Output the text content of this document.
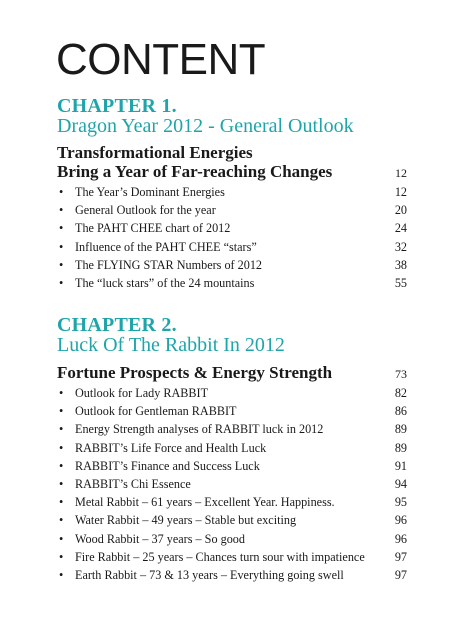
CONTENT
CHAPTER 1.
Dragon Year 2012 - General Outlook
Transformational Energies
Bring a Year of Far-reaching Changes	12
• The Year’s Dominant Energies	12
• General Outlook for the year	20
• The PAHT CHEE chart of 2012	24
• Influence of the PAHT CHEE “stars”	32
• The FLYING STAR Numbers of 2012	38
• The “luck stars” of the 24 mountains	55
CHAPTER 2.
Luck Of The Rabbit In 2012
Fortune Prospects & Energy Strength	73
• Outlook for Lady RABBIT	82
• Outlook for Gentleman RABBIT	86
• Energy Strength analyses of RABBIT luck in 2012	89
• RABBIT’s Life Force and Health Luck	89
• RABBIT’s Finance and Success Luck	91
• RABBIT’s Chi Essence	94
• Metal Rabbit – 61 years – Excellent Year. Happiness.	95
• Water Rabbit – 49 years – Stable but exciting	96
• Wood Rabbit – 37 years – So good	96
• Fire Rabbit – 25 years – Chances turn sour with impatience	97
• Earth Rabbit – 73 & 13 years – Everything going swell	97
